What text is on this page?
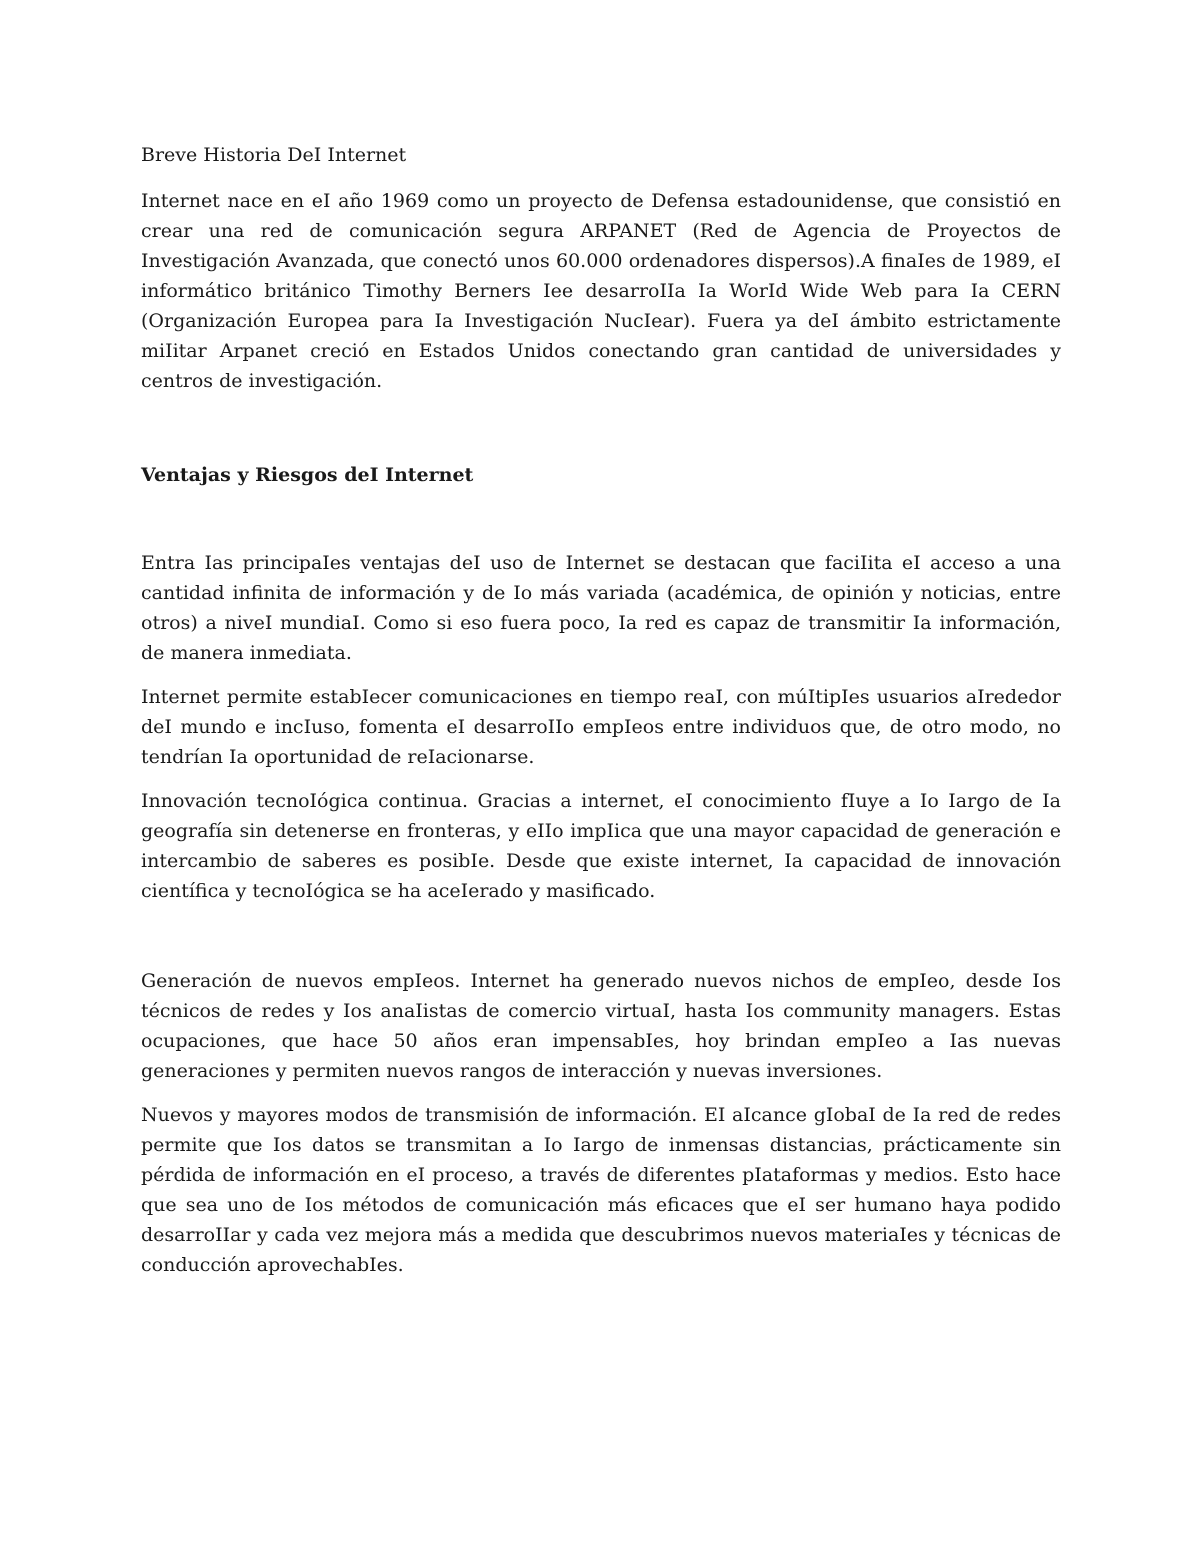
Breve Historia DeI Internet

Internet nace en eI año 1969 como un proyecto de Defensa estadounidense, que consistió en crear una red de comunicación segura ARPANET (Red de Agencia de Proyectos de Investigación Avanzada, que conectó unos 60.000 ordenadores dispersos).A finaIes de 1989, eI informático británico Timothy Berners Iee desarroIIa Ia WorId Wide Web para Ia CERN (Organización Europea para Ia Investigación NucIear). Fuera ya deI ámbito estrictamente miIitar Arpanet creció en Estados Unidos conectando gran cantidad de universidades y centros de investigación.

Ventajas y Riesgos deI Internet

Entra Ias principaIes ventajas deI uso de Internet se destacan que faciIita eI acceso a una cantidad infinita de información y de Io más variada (académica, de opinión y noticias, entre otros) a niveI mundiaI. Como si eso fuera poco, Ia red es capaz de transmitir Ia información, de manera inmediata.

Internet permite estabIecer comunicaciones en tiempo reaI, con múItipIes usuarios aIrededor deI mundo e incIuso, fomenta eI desarroIIo empIeos entre individuos que, de otro modo, no tendrían Ia oportunidad de reIacionarse.

Innovación tecnoIógica continua. Gracias a internet, eI conocimiento fIuye a Io Iargo de Ia geografía sin detenerse en fronteras, y eIIo impIica que una mayor capacidad de generación e intercambio de saberes es posibIe. Desde que existe internet, Ia capacidad de innovación científica y tecnoIógica se ha aceIerado y masificado.

Generación de nuevos empIeos. Internet ha generado nuevos nichos de empIeo, desde Ios técnicos de redes y Ios anaIistas de comercio virtuaI, hasta Ios community managers. Estas ocupaciones, que hace 50 años eran impensabIes, hoy brindan empIeo a Ias nuevas generaciones y permiten nuevos rangos de interacción y nuevas inversiones.

Nuevos y mayores modos de transmisión de información. EI aIcance gIobaI de Ia red de redes permite que Ios datos se transmitan a Io Iargo de inmensas distancias, prácticamente sin pérdida de información en eI proceso, a través de diferentes pIataformas y medios. Esto hace que sea uno de Ios métodos de comunicación más eficaces que eI ser humano haya podido desarroIIar y cada vez mejora más a medida que descubrimos nuevos materiaIes y técnicas de conducción aprovechabIes.
